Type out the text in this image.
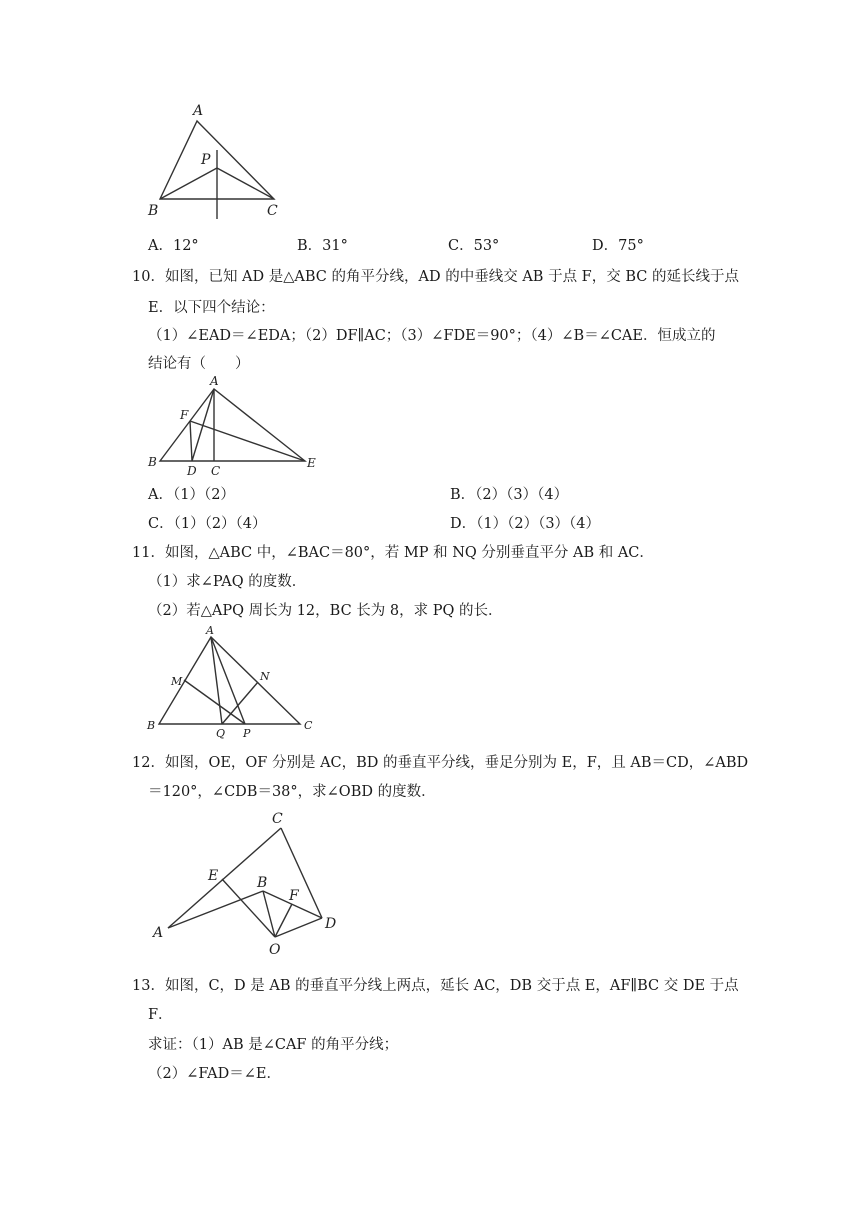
A
P
B	C
A．12°	B．31°	C．53°	D．75°
10．如图，已知 AD 是△ABC 的角平分线，AD 的中垂线交 AB 于点 F，交 BC 的延长线于点
E．以下四个结论：
（1）∠EAD＝∠EDA；（2）DF∥AC；（3）∠FDE＝90°；（4）∠B＝∠CAE．恒成立的
结论有（　　）
A
F
B
D C
E
A．（1）（2）	B．（2）（3）（4）
C．（1）（2）（4）	D．（1）（2）（3）（4）
11．如图，△ABC 中，∠BAC＝80°，若 MP 和 NQ 分别垂直平分 AB 和 AC．
（1）求∠PAQ 的度数．
（2）若△APQ 周长为 12，BC 长为 8，求 PQ 的长．
A
M	N
B
Q P
C
12．如图，OE，OF 分别是 AC，BD 的垂直平分线，垂足分别为 E，F，且 AB＝CD，∠ABD
＝120°，∠CDB＝38°，求∠OBD 的度数．
C
E	B
F
A
D
O
13．如图，C，D 是 AB 的垂直平分线上两点，延长 AC，DB 交于点 E，AF∥BC 交 DE 于点
F．
求证：（1）AB 是∠CAF 的角平分线；
（2）∠FAD＝∠E．
